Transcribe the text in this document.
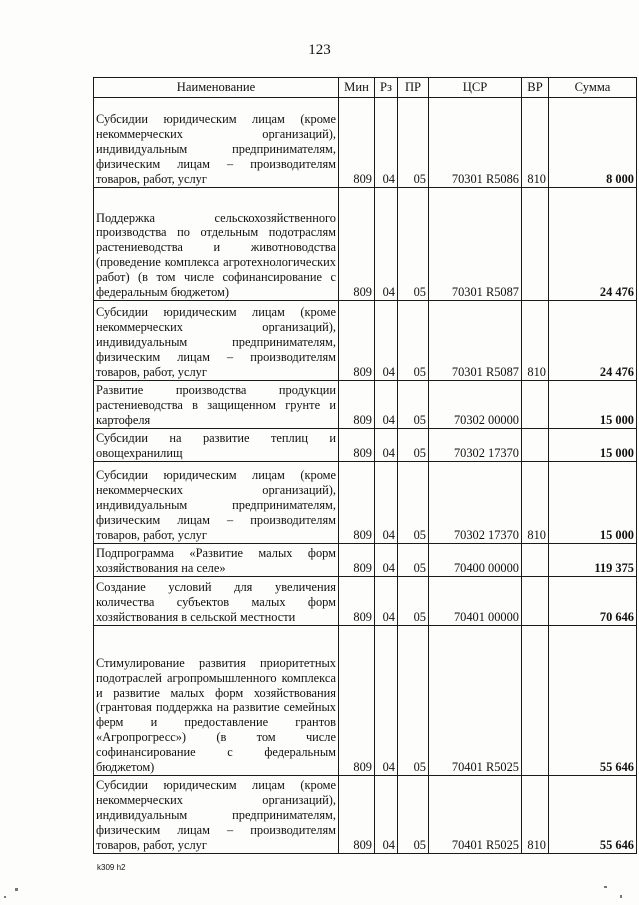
123
Наименование	Мин	Рз	ПР	ЦСР	ВР	Сумма
Субсидии юридическим лицам (кроме некоммерческих организаций), индивидуальным предпринимателям, физическим лицам – производителям товаров, работ, услуг	809	04	05	70301 R5086	810	8 000
Поддержка сельскохозяйственного производства по отдельным подотраслям растениеводства и животноводства (проведение комплекса агротехнологических работ) (в том числе софинансирование с федеральным бюджетом)	809	04	05	70301 R5087		24 476
Субсидии юридическим лицам (кроме некоммерческих организаций), индивидуальным предпринимателям, физическим лицам – производителям товаров, работ, услуг	809	04	05	70301 R5087	810	24 476
Развитие производства продукции растениеводства в защищенном грунте и картофеля	809	04	05	70302 00000		15 000
Субсидии на развитие теплиц и овощехранилищ	809	04	05	70302 17370		15 000
Субсидии юридическим лицам (кроме некоммерческих организаций), индивидуальным предпринимателям, физическим лицам – производителям товаров, работ, услуг	809	04	05	70302 17370	810	15 000
Подпрограмма «Развитие малых форм хозяйствования на селе»	809	04	05	70400 00000		119 375
Создание условий для увеличения количества субъектов малых форм хозяйствования в сельской местности	809	04	05	70401 00000		70 646
Стимулирование развития приоритетных подотраслей агропромышленного комплекса и развитие малых форм хозяйствования (грантовая поддержка на развитие семейных ферм и предоставление грантов «Агропрогресс») (в том числе софинансирование с федеральным бюджетом)	809	04	05	70401 R5025		55 646
Субсидии юридическим лицам (кроме некоммерческих организаций), индивидуальным предпринимателям, физическим лицам – производителям товаров, работ, услуг	809	04	05	70401 R5025	810	55 646
k309 h2
